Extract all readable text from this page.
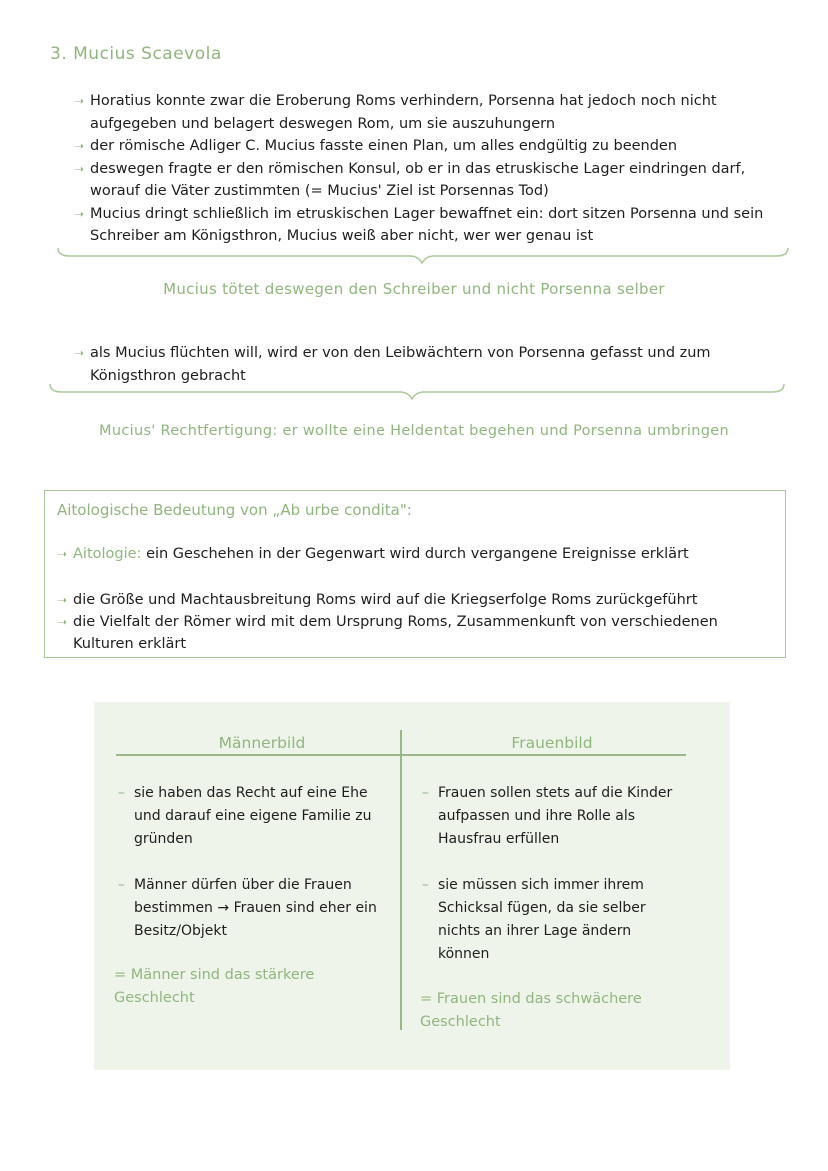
3. Mucius Scaevola
➝ Horatius konnte zwar die Eroberung Roms verhindern, Porsenna hat jedoch noch nicht aufgegeben und belagert deswegen Rom, um sie auszuhungern
➝ der römische Adliger C. Mucius fasste einen Plan, um alles endgültig zu beenden
➝ deswegen fragte er den römischen Konsul, ob er in das etruskische Lager eindringen darf, worauf die Väter zustimmten (= Mucius' Ziel ist Porsennas Tod)
➝ Mucius dringt schließlich im etruskischen Lager bewaffnet ein: dort sitzen Porsenna und sein Schreiber am Königsthron, Mucius weiß aber nicht, wer wer genau ist
Mucius tötet deswegen den Schreiber und nicht Porsenna selber
➝ als Mucius flüchten will, wird er von den Leibwächtern von Porsenna gefasst und zum Königsthron gebracht
Mucius' Rechtfertigung: er wollte eine Heldentat begehen und Porsenna umbringen
Aitologische Bedeutung von „Ab urbe condita":
➝ Aitologie: ein Geschehen in der Gegenwart wird durch vergangene Ereignisse erklärt
➝ die Größe und Machtausbreitung Roms wird auf die Kriegserfolge Roms zurückgeführt
➝ die Vielfalt der Römer wird mit dem Ursprung Roms, Zusammenkunft von verschiedenen Kulturen erklärt
Männerbild	Frauenbild
– sie haben das Recht auf eine Ehe und darauf eine eigene Familie zu gründen
– Männer dürfen über die Frauen bestimmen → Frauen sind eher ein Besitz/Objekt
= Männer sind das stärkere Geschlecht
– Frauen sollen stets auf die Kinder aufpassen und ihre Rolle als Hausfrau erfüllen
– sie müssen sich immer ihrem Schicksal fügen, da sie selber nichts an ihrer Lage ändern können
= Frauen sind das schwächere Geschlecht
